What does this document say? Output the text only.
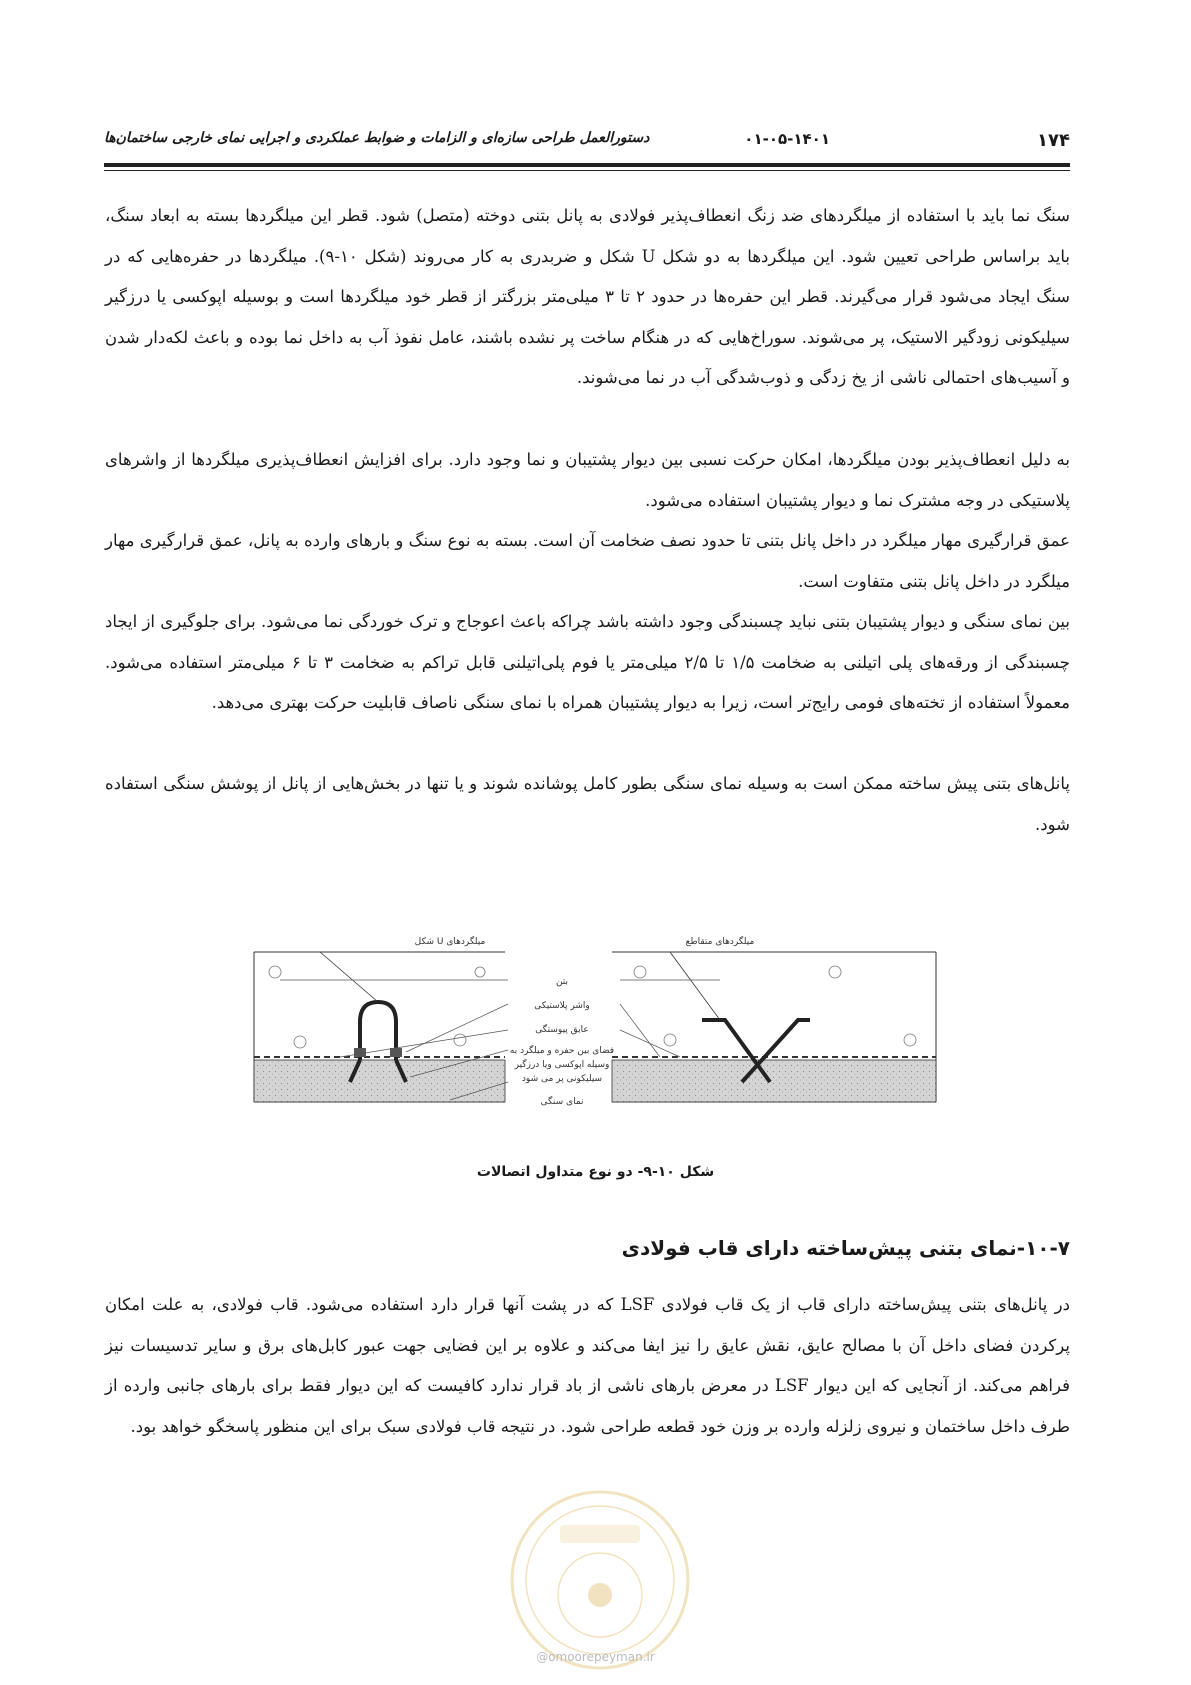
۱۷۴
۰۱-۰۵-۱۴۰۱
دستورالعمل طراحی سازه‌ای و الزامات و ضوابط عملکردی و اجرایی نمای خارجی ساختمان‌ها

سنگ نما باید با استفاده از میلگردهای ضد زنگ انعطاف‌پذیر فولادی به پانل بتنی دوخته (متصل) شود. قطر این میلگردها بسته به ابعاد سنگ، باید براساس طراحی تعیین شود. این میلگردها به دو شکل U شکل و ضربدری به کار می‌روند (شکل ۱۰-۹). میلگردها در حفره‌هایی که در سنگ ایجاد می‌شود قرار می‌گیرند. قطر این حفره‌ها در حدود ۲ تا ۳ میلی‌متر بزرگتر از قطر خود میلگردها است و بوسیله اپوکسی یا درزگیر سیلیکونی زودگیر الاستیک، پر می‌شوند. سوراخ‌هایی که در هنگام ساخت پر نشده باشند، عامل نفوذ آب به داخل نما بوده و باعث لکه‌دار شدن و آسیب‌های احتمالی ناشی از یخ زدگی و ذوب‌شدگی آب در نما می‌شوند.

به دلیل انعطاف‌پذیر بودن میلگردها، امکان حرکت نسبی بین دیوار پشتیبان و نما وجود دارد. برای افزایش انعطاف‌پذیری میلگردها از واشرهای پلاستیکی در وجه مشترک نما و دیوار پشتیبان استفاده می‌شود.

عمق قرارگیری مهار میلگرد در داخل پانل بتنی تا حدود نصف ضخامت آن است. بسته به نوع سنگ و بارهای وارده به پانل، عمق قرارگیری مهار میلگرد در داخل پانل بتنی متفاوت است.

بین نمای سنگی و دیوار پشتیبان بتنی نباید چسبندگی وجود داشته باشد چراکه باعث اعوجاج و ترک خوردگی نما می‌شود. برای جلوگیری از ایجاد چسبندگی از ورقه‌های پلی اتیلنی به ضخامت ۱/۵ تا ۲/۵ میلی‌متر یا فوم پلی‌اتیلنی قابل تراکم به ضخامت ۳ تا ۶ میلی‌متر استفاده می‌شود. معمولاً استفاده از تخته‌های فومی رایج‌تر است، زیرا به دیوار پشتیبان همراه با نمای سنگی ناصاف قابلیت حرکت بهتری می‌دهد.

پانل‌های بتنی پیش ساخته ممکن است به وسیله نمای سنگی بطور کامل پوشانده شوند و یا تنها در بخش‌هایی از پانل از پوشش سنگی استفاده شود.

میلگردهای U شکل	میلگردهای متقاطع
بتن
واشر پلاستیکی
عایق پیوستگی
فضای بین حفره و میلگرد به
وسیله اپوکسی ویا درزگیر
سیلیکونی پر می شود
نمای سنگی
شکل ۱۰-۹- دو نوع متداول اتصالات
۱۰-۷-نمای بتنی پیش‌ساخته دارای قاب فولادی

در پانل‌های بتنی پیش‌ساخته دارای قاب از یک قاب فولادی LSF که در پشت آنها قرار دارد استفاده می‌شود. قاب فولادی، به علت امکان پرکردن فضای داخل آن با مصالح عایق، نقش عایق را نیز ایفا می‌کند و علاوه بر این فضایی جهت عبور کابل‌های برق و سایر تدسیسات نیز فراهم می‌کند. از آنجایی که این دیوار LSF در معرض بارهای ناشی از باد قرار ندارد کافیست که این دیوار فقط برای بارهای جانبی وارده از طرف داخل ساختمان و نیروی زلزله وارده بر وزن خود قطعه طراحی شود. در نتیجه قاب فولادی سبک برای این منظور پاسخگو خواهد بود.

@omoorepeyman.ir
